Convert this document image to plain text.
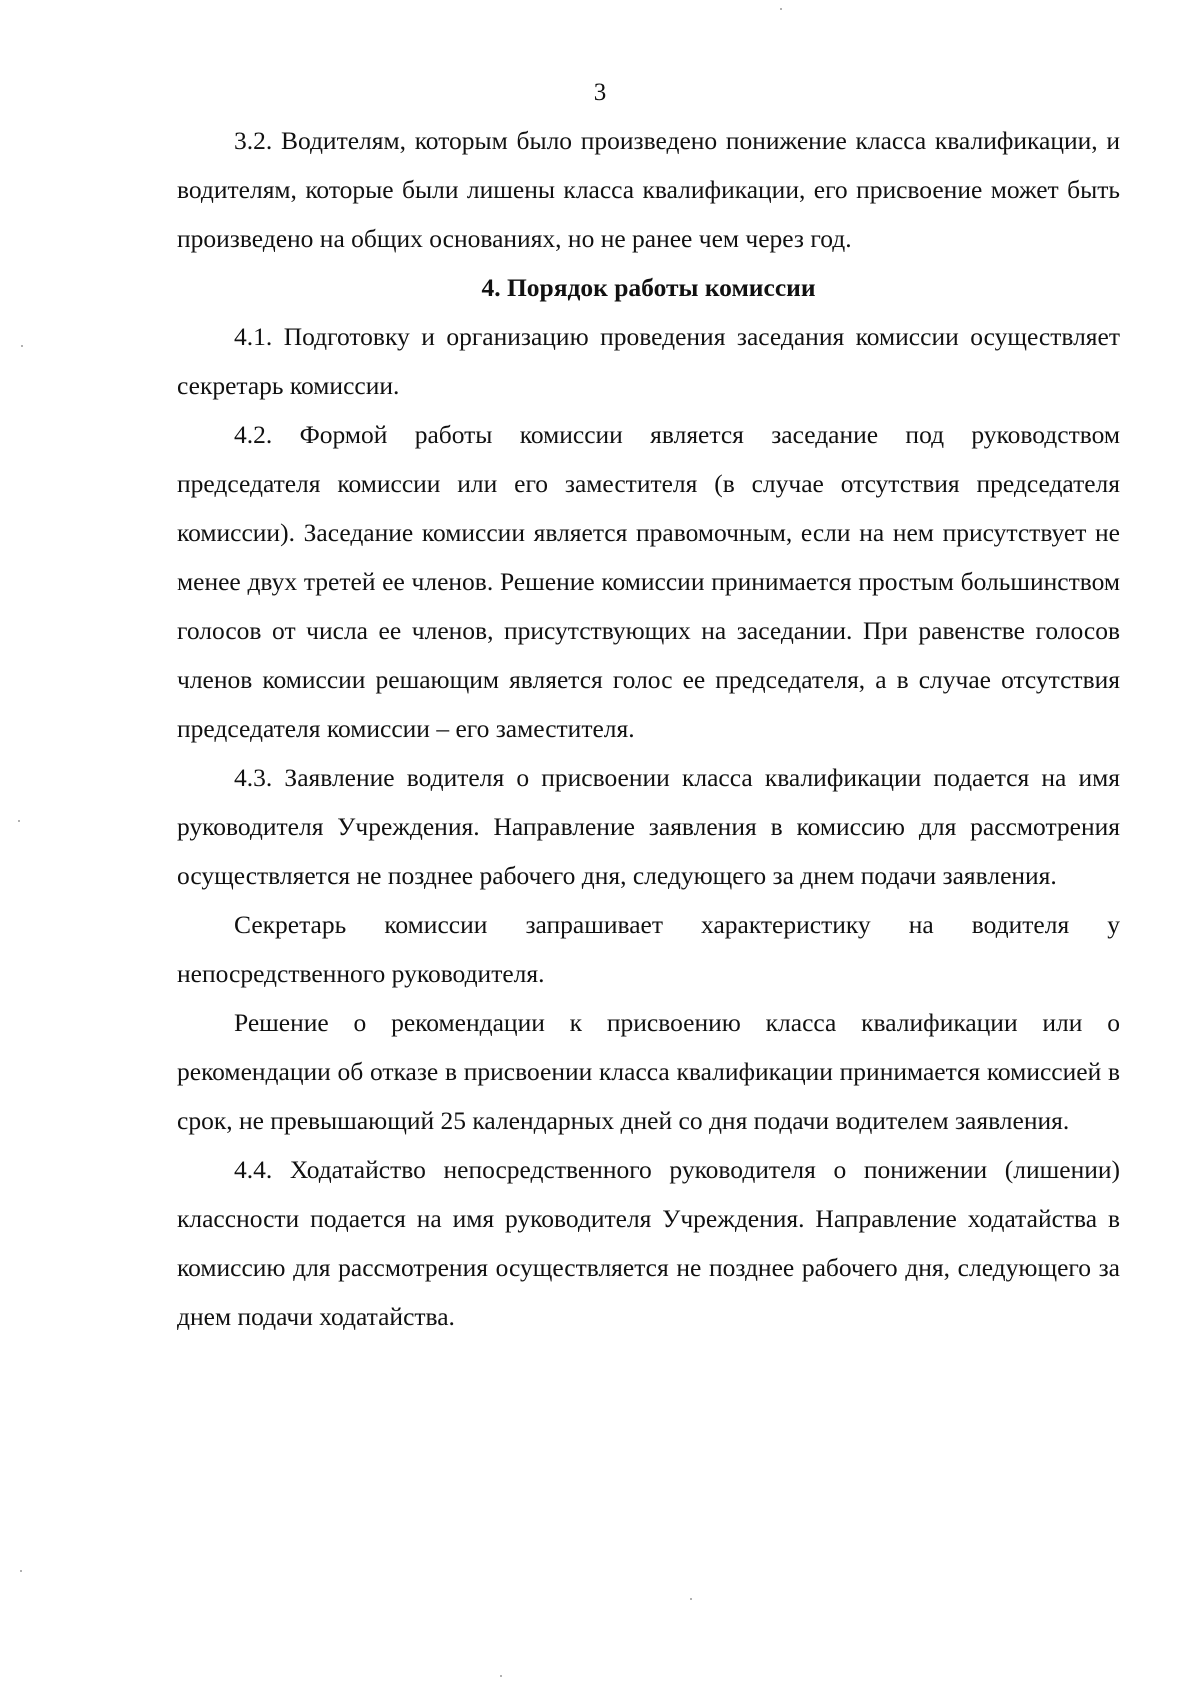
3

3.2. Водителям, которым было произведено понижение класса квалификации, и водителям, которые были лишены класса квалификации, его присвоение может быть произведено на общих основаниях, но не ранее чем через год.

4. Порядок работы комиссии

4.1. Подготовку и организацию проведения заседания комиссии осуществляет секретарь комиссии.

4.2. Формой работы комиссии является заседание под руководством председателя комиссии или его заместителя (в случае отсутствия председателя комиссии). Заседание комиссии является правомочным, если на нем присутствует не менее двух третей ее членов. Решение комиссии принимается простым большинством голосов от числа ее членов, присутствующих на заседании. При равенстве голосов членов комиссии решающим является голос ее председателя, а в случае отсутствия председателя комиссии – его заместителя.

4.3. Заявление водителя о присвоении класса квалификации подается на имя руководителя Учреждения. Направление заявления в комиссию для рассмотрения осуществляется не позднее рабочего дня, следующего за днем подачи заявления.

Секретарь комиссии запрашивает характеристику на водителя у непосредственного руководителя.

Решение о рекомендации к присвоению класса квалификации или о рекомендации об отказе в присвоении класса квалификации принимается комиссией в срок, не превышающий 25 календарных дней со дня подачи водителем заявления.

4.4. Ходатайство непосредственного руководителя о понижении (лишении) классности подается на имя руководителя Учреждения. Направление ходатайства в комиссию для рассмотрения осуществляется не позднее рабочего дня, следующего за днем подачи ходатайства.
